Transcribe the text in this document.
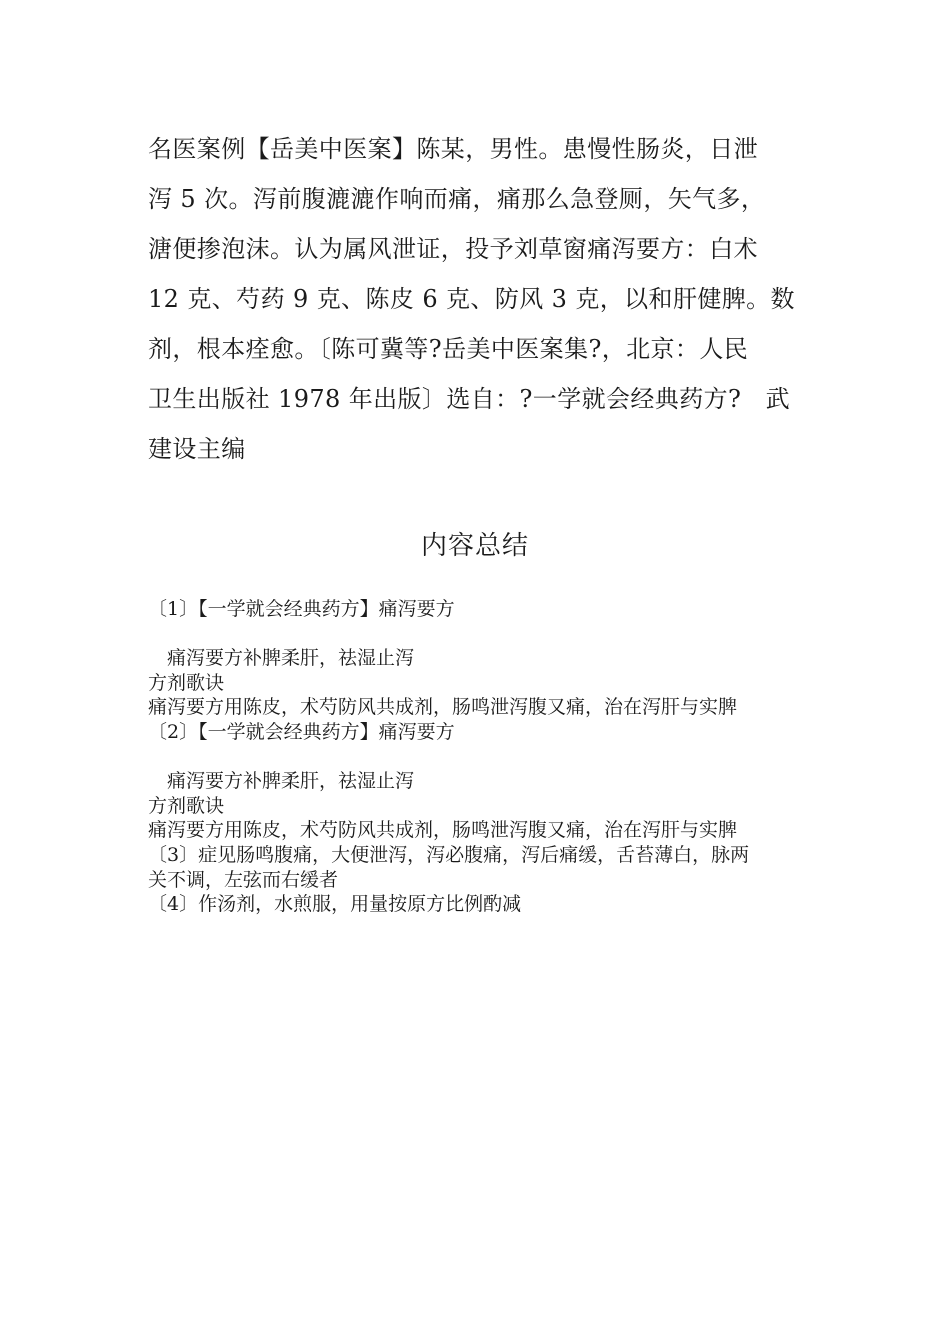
名医案例【岳美中医案】陈某，男性。患慢性肠炎，日泄
泻 5 次。泻前腹漉漉作响而痛，痛那么急登厕，矢气多，
溏便掺泡沫。认为属风泄证，投予刘草窗痛泻要方：白术
12 克、芍药 9 克、陈皮 6 克、防风 3 克，以和肝健脾。数
剂，根本痊愈。〔陈可冀等?岳美中医案集?，北京：人民
卫生出版社 1978 年出版〕选自：?一学就会经典药方?　武
建设主编
内容总结
〔1〕【一学就会经典药方】痛泻要方
痛泻要方补脾柔肝，祛湿止泻
方剂歌诀
痛泻要方用陈皮，术芍防风共成剂，肠鸣泄泻腹又痛，治在泻肝与实脾
〔2〕【一学就会经典药方】痛泻要方
痛泻要方补脾柔肝，祛湿止泻
方剂歌诀
痛泻要方用陈皮，术芍防风共成剂，肠鸣泄泻腹又痛，治在泻肝与实脾
〔3〕症见肠鸣腹痛，大便泄泻，泻必腹痛，泻后痛缓，舌苔薄白，脉两
关不调，左弦而右缓者
〔4〕作汤剂，水煎服，用量按原方比例酌减
